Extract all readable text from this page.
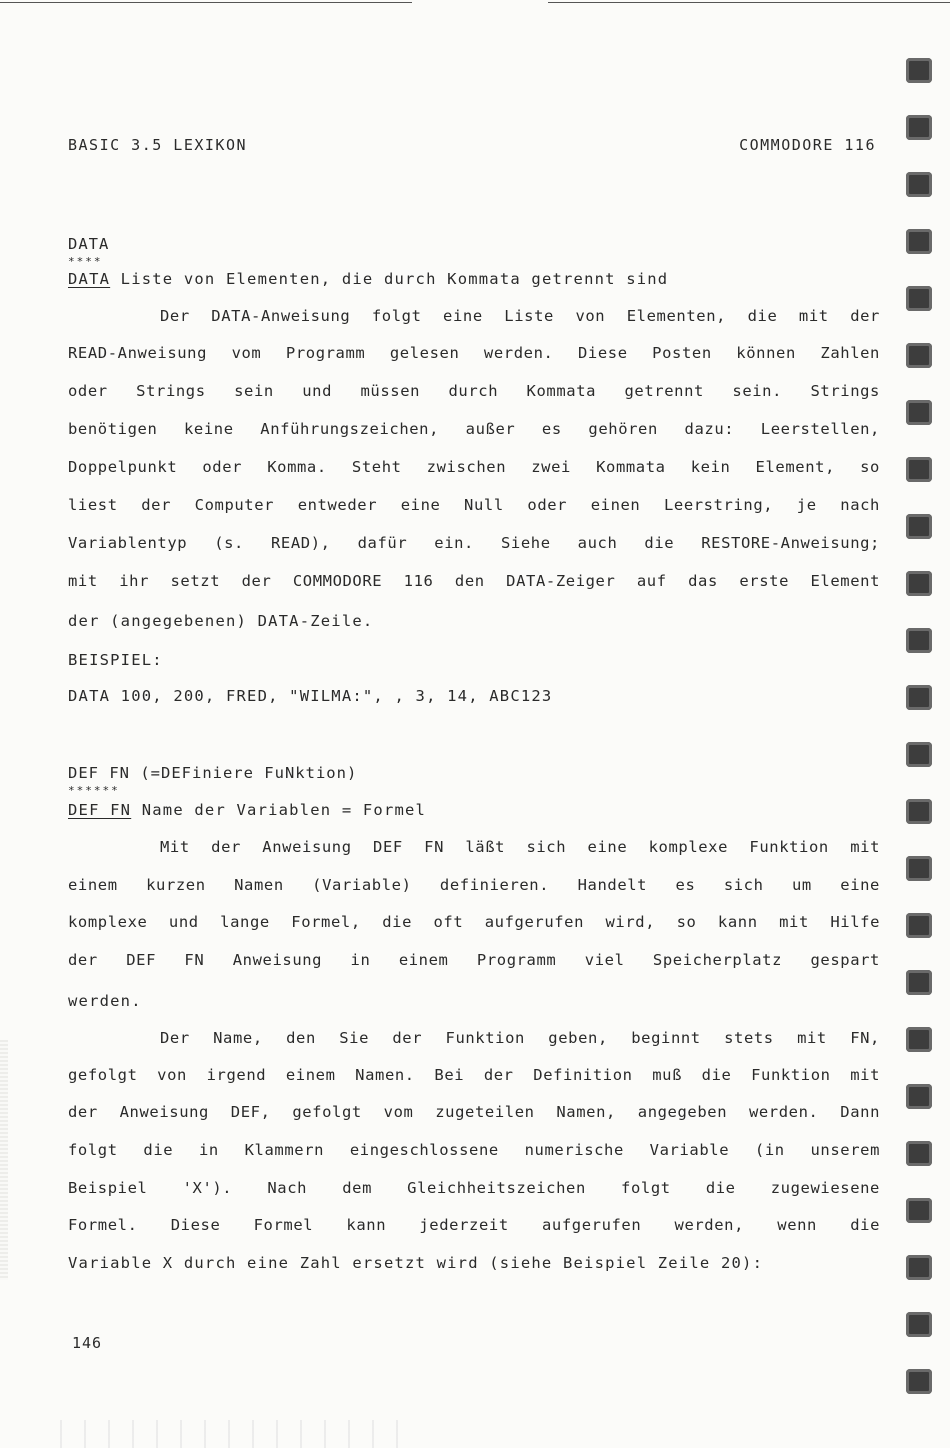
BASIC 3.5 LEXIKON	COMMODORE 116
DATA
****
DATA Liste von Elementen, die durch Kommata getrennt sind
Der DATA-Anweisung folgt eine Liste von Elementen, die mit der
READ-Anweisung vom Programm gelesen werden. Diese Posten können Zahlen
oder Strings sein und müssen durch Kommata getrennt sein. Strings
benötigen keine Anführungszeichen, außer es gehören dazu: Leerstellen,
Doppelpunkt oder Komma. Steht zwischen zwei Kommata kein Element, so
liest der Computer entweder eine Null oder einen Leerstring, je nach
Variablentyp (s. READ), dafür ein. Siehe auch die RESTORE-Anweisung;
mit ihr setzt der COMMODORE 116 den DATA-Zeiger auf das erste Element
der (angegebenen) DATA-Zeile.
BEISPIEL:
DATA 100, 200, FRED, "WILMA:", , 3, 14, ABC123
DEF FN (=DEFiniere FuNktion)
******
DEF FN Name der Variablen = Formel
Mit der Anweisung DEF FN läßt sich eine komplexe Funktion mit
einem kurzen Namen (Variable) definieren. Handelt es sich um eine
komplexe und lange Formel, die oft aufgerufen wird, so kann mit Hilfe
der DEF FN Anweisung in einem Programm viel Speicherplatz gespart
werden.
Der Name, den Sie der Funktion geben, beginnt stets mit FN,
gefolgt von irgend einem Namen. Bei der Definition muß die Funktion mit
der Anweisung DEF, gefolgt vom zugeteilen Namen, angegeben werden. Dann
folgt die in Klammern eingeschlossene numerische Variable (in unserem
Beispiel 'X'). Nach dem Gleichheitszeichen folgt die zugewiesene
Formel. Diese Formel kann jederzeit aufgerufen werden, wenn die
Variable X durch eine Zahl ersetzt wird (siehe Beispiel Zeile 20):
146
